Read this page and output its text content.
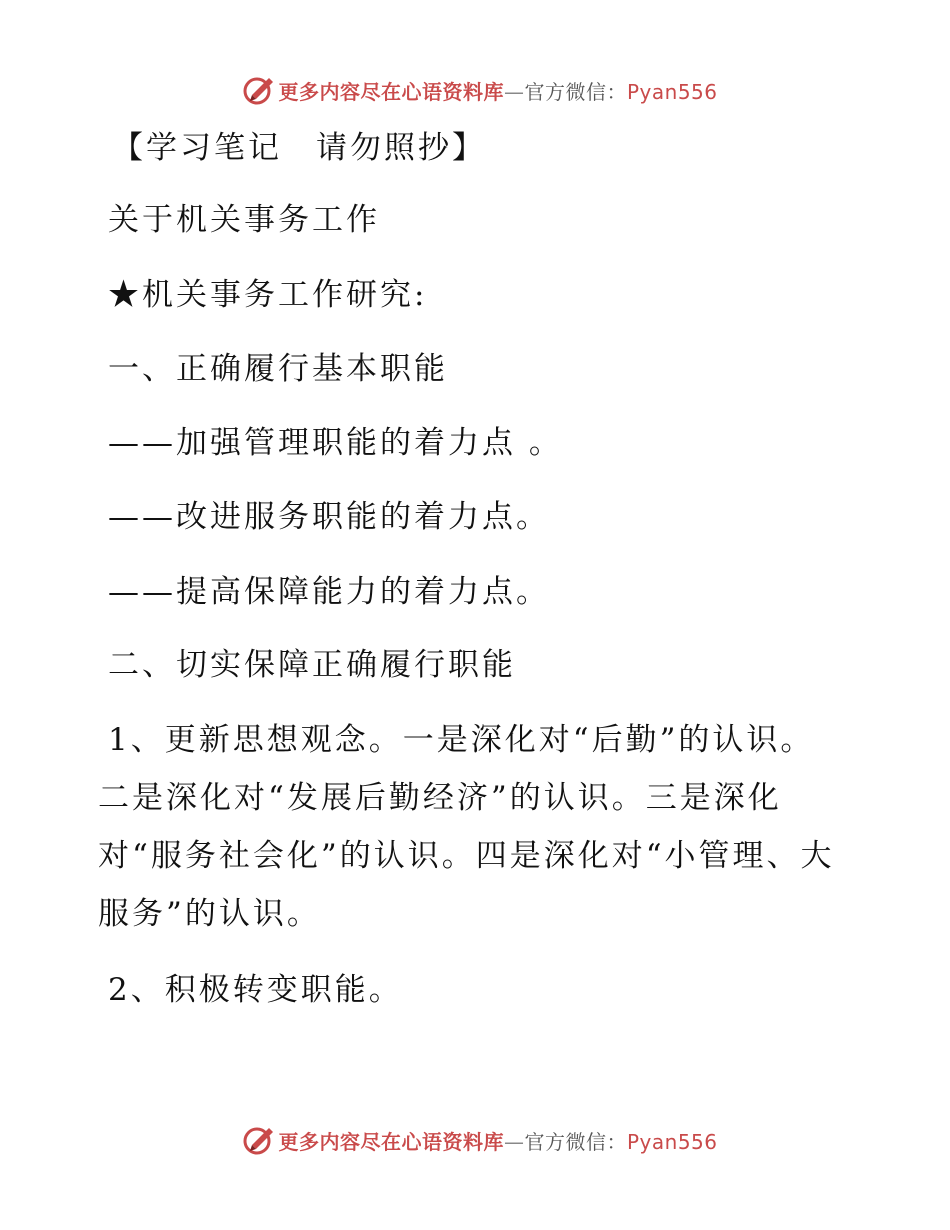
更多内容尽在心语资料库—官方微信：Pyan556
【学习笔记　请勿照抄】
关于机关事务工作
★机关事务工作研究:
一、正确履行基本职能
——加强管理职能的着力点 。
——改进服务职能的着力点。
——提高保障能力的着力点。
二、切实保障正确履行职能
1、更新思想观念。一是深化对“后勤”的认识。二是深化对“发展后勤经济”的认识。三是深化对“服务社会化”的认识。四是深化对“小管理、大服务”的认识。
2、积极转变职能。
更多内容尽在心语资料库—官方微信：Pyan556
